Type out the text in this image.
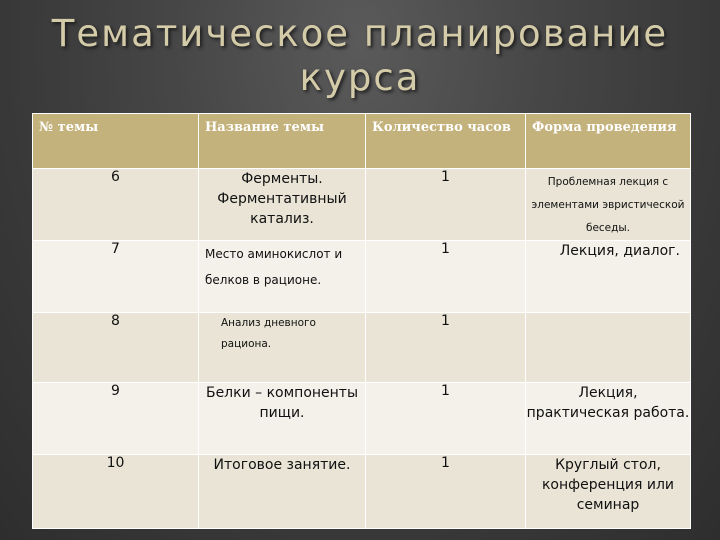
Тематическое планирование
курса
№ темы	Название темы	Количество часов	Форма проведения
6	Ферменты. Ферментативный катализ.	1	Проблемная лекция с элементами эвристической беседы.
7	Место аминокислот и белков в рационе.	1	Лекция, диалог.
8	Анализ дневного рациона.	1	
9	Белки – компоненты пищи.	1	Лекция, практическая работа.
10	Итоговое занятие.	1	Круглый стол, конференция или семинар
